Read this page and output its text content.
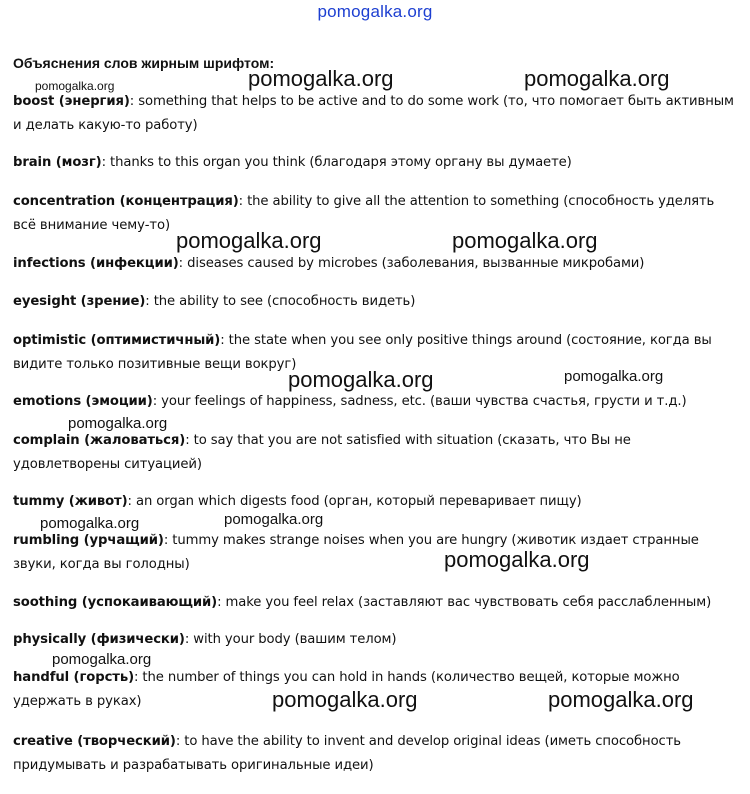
pomogalka.org
Объяснения слов жирным шрифтом:
boost (энергия): something that helps to be active and to do some work (то, что помогает быть активным и делать какую-то работу)
brain (мозг): thanks to this organ you think (благодаря этому органу вы думаете)
concentration (концентрация): the ability to give all the attention to something (способность уделять всё внимание чему-то)
infections (инфекции): diseases caused by microbes (заболевания, вызванные микробами)
eyesight (зрение): the ability to see (способность видеть)
optimistic (оптимистичный): the state when you see only positive things around (состояние, когда вы видите только позитивные вещи вокруг)
emotions (эмоции): your feelings of happiness, sadness, etc. (ваши чувства счастья, грусти и т.д.)
complain (жаловаться): to say that you are not satisfied with situation (сказать, что Вы не удовлетворены ситуацией)
tummy (живот): an organ which digests food (орган, который переваривает пищу)
rumbling (урчащий): tummy makes strange noises when you are hungry (животик издает странные звуки, когда вы голодны)
soothing (успокаивающий): make you feel relax (заставляют вас чувствовать себя расслабленным)
physically (физически): with your body (вашим телом)
handful (горсть): the number of things you can hold in hands (количество вещей, которые можно удержать в руках)
creative (творческий): to have the ability to invent and develop original ideas (иметь способность придумывать и разрабатывать оригинальные идеи)
pomogalka.org	pomogalka.org	pomogalka.org
pomogalka.org	pomogalka.org
pomogalka.org	pomogalka.org
pomogalka.org
pomogalka.org	pomogalka.org
pomogalka.org
pomogalka.org
pomogalka.org	pomogalka.org
